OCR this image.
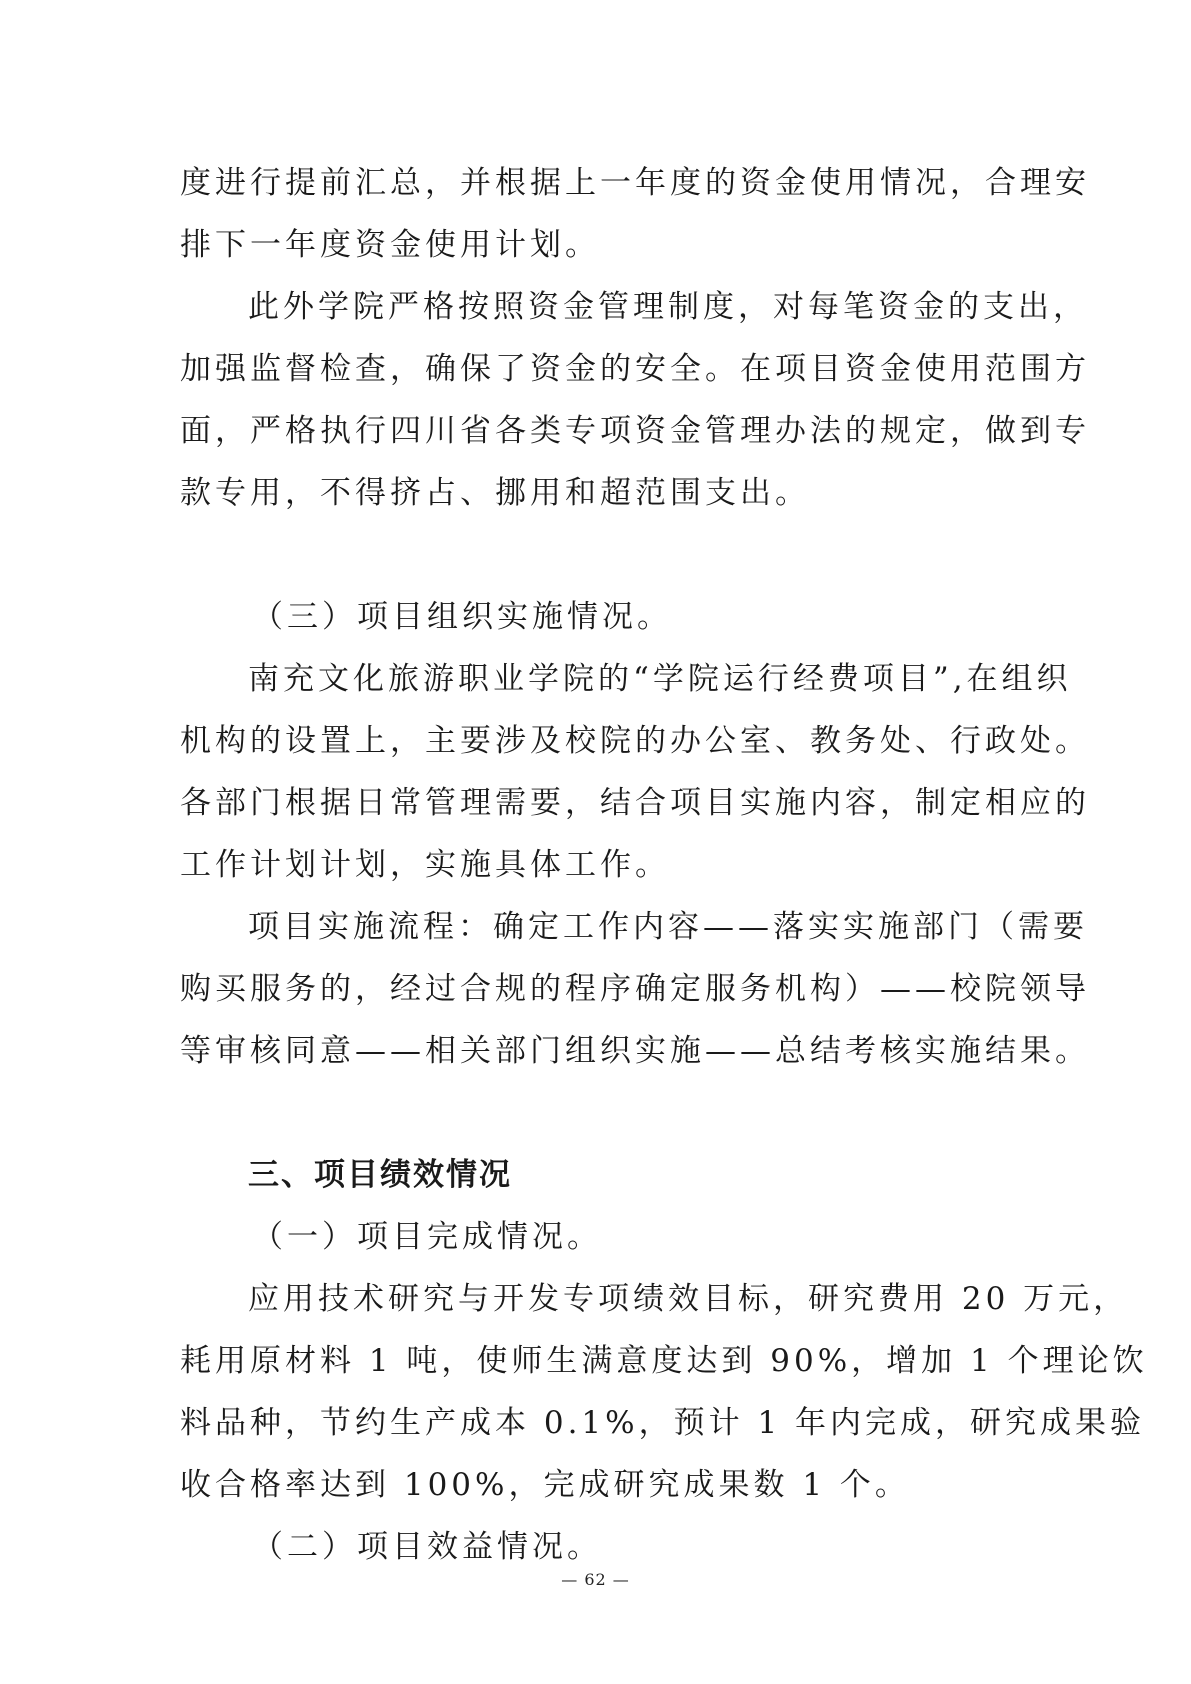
度进行提前汇总，并根据上一年度的资金使用情况，合理安
排下一年度资金使用计划。
此外学院严格按照资金管理制度，对每笔资金的支出，
加强监督检查，确保了资金的安全。在项目资金使用范围方
面，严格执行四川省各类专项资金管理办法的规定，做到专
款专用，不得挤占、挪用和超范围支出。
（三）项目组织实施情况。
南充文化旅游职业学院的“学院运行经费项目”,在组织
机构的设置上，主要涉及校院的办公室、教务处、行政处。
各部门根据日常管理需要，结合项目实施内容，制定相应的
工作计划计划，实施具体工作。
项目实施流程：确定工作内容——落实实施部门（需要
购买服务的，经过合规的程序确定服务机构）——校院领导
等审核同意——相关部门组织实施——总结考核实施结果。
三、项目绩效情况
（一）项目完成情况。
应用技术研究与开发专项绩效目标，研究费用 20 万元，
耗用原材料 1 吨，使师生满意度达到 90%，增加 1 个理论饮
料品种，节约生产成本 0.1%，预计 1 年内完成，研究成果验
收合格率达到 100%，完成研究成果数 1 个。
（二）项目效益情况。
— 62 —
